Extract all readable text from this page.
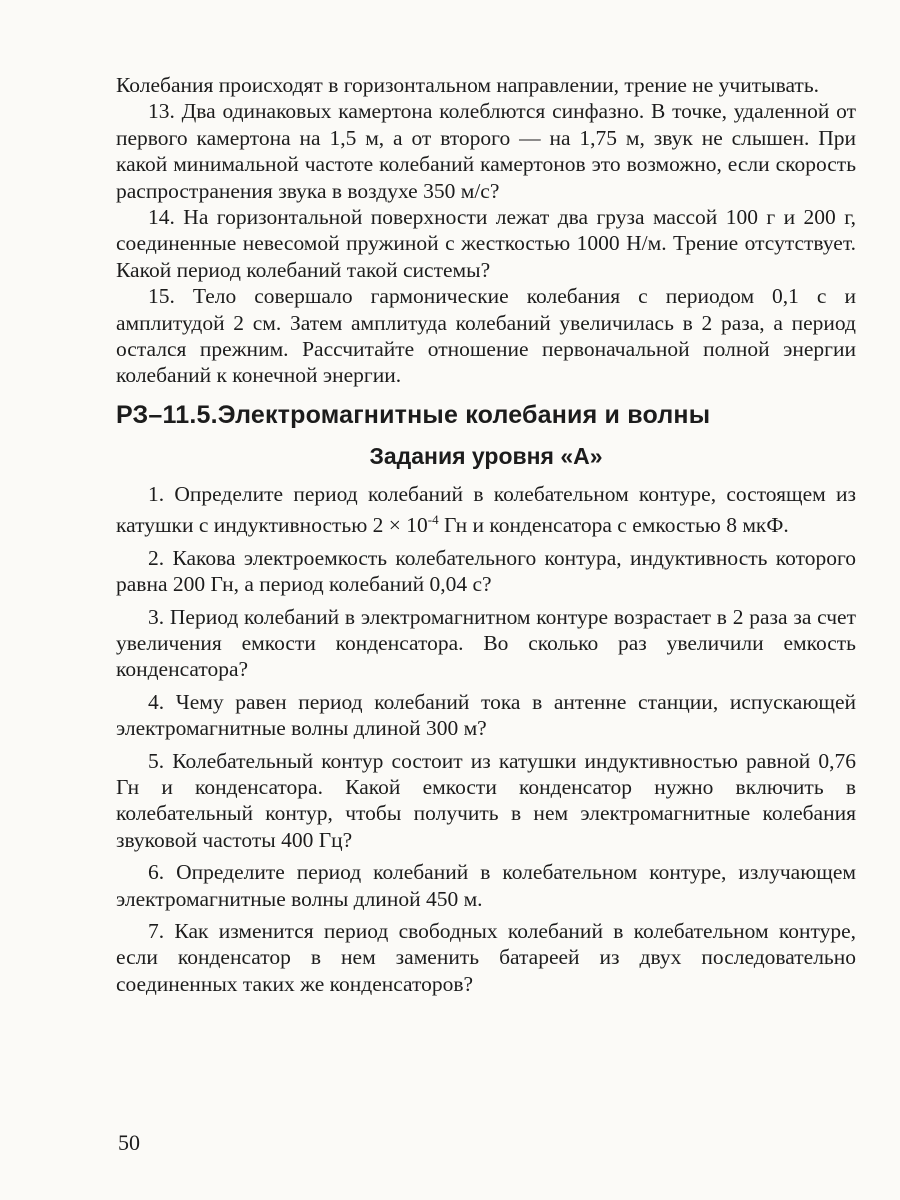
Колебания происходят в горизонтальном направлении, трение не учитывать.

13. Два одинаковых камертона колеблются синфазно. В точке, удаленной от первого камертона на 1,5 м, а от второго — на 1,75 м, звук не слышен. При какой минимальной частоте колебаний камертонов это возможно, если скорость распространения звука в воздухе 350 м/с?

14. На горизонтальной поверхности лежат два груза массой 100 г и 200 г, соединенные невесомой пружиной с жесткостью 1000 Н/м. Трение отсутствует. Какой период колебаний такой системы?

15. Тело совершало гармонические колебания с периодом 0,1 с и амплитудой 2 см. Затем амплитуда колебаний увеличилась в 2 раза, а период остался прежним. Рассчитайте отношение первоначальной полной энергии колебаний к конечной энергии.

РЗ–11.5.Электромагнитные колебания и волны
Задания уровня «А»

1. Определите период колебаний в колебательном контуре, состоящем из катушки с индуктивностью $2 \times 10^{-4}$ Гн и конденсатора с емкостью 8 мкФ.

2. Какова электроемкость колебательного контура, индуктивность которого равна 200 Гн, а период колебаний 0,04 с?

3. Период колебаний в электромагнитном контуре возрастает в 2 раза за счет увеличения емкости конденсатора. Во сколько раз увеличили емкость конденсатора?

4. Чему равен период колебаний тока в антенне станции, испускающей электромагнитные волны длиной 300 м?

5. Колебательный контур состоит из катушки индуктивностью равной 0,76 Гн и конденсатора. Какой емкости конденсатор нужно включить в колебательный контур, чтобы получить в нем электромагнитные колебания звуковой частоты 400 Гц?

6. Определите период колебаний в колебательном контуре, излучающем электромагнитные волны длиной 450 м.

7. Как изменится период свободных колебаний в колебательном контуре, если конденсатор в нем заменить батареей из двух последовательно соединенных таких же конденсаторов?

50
